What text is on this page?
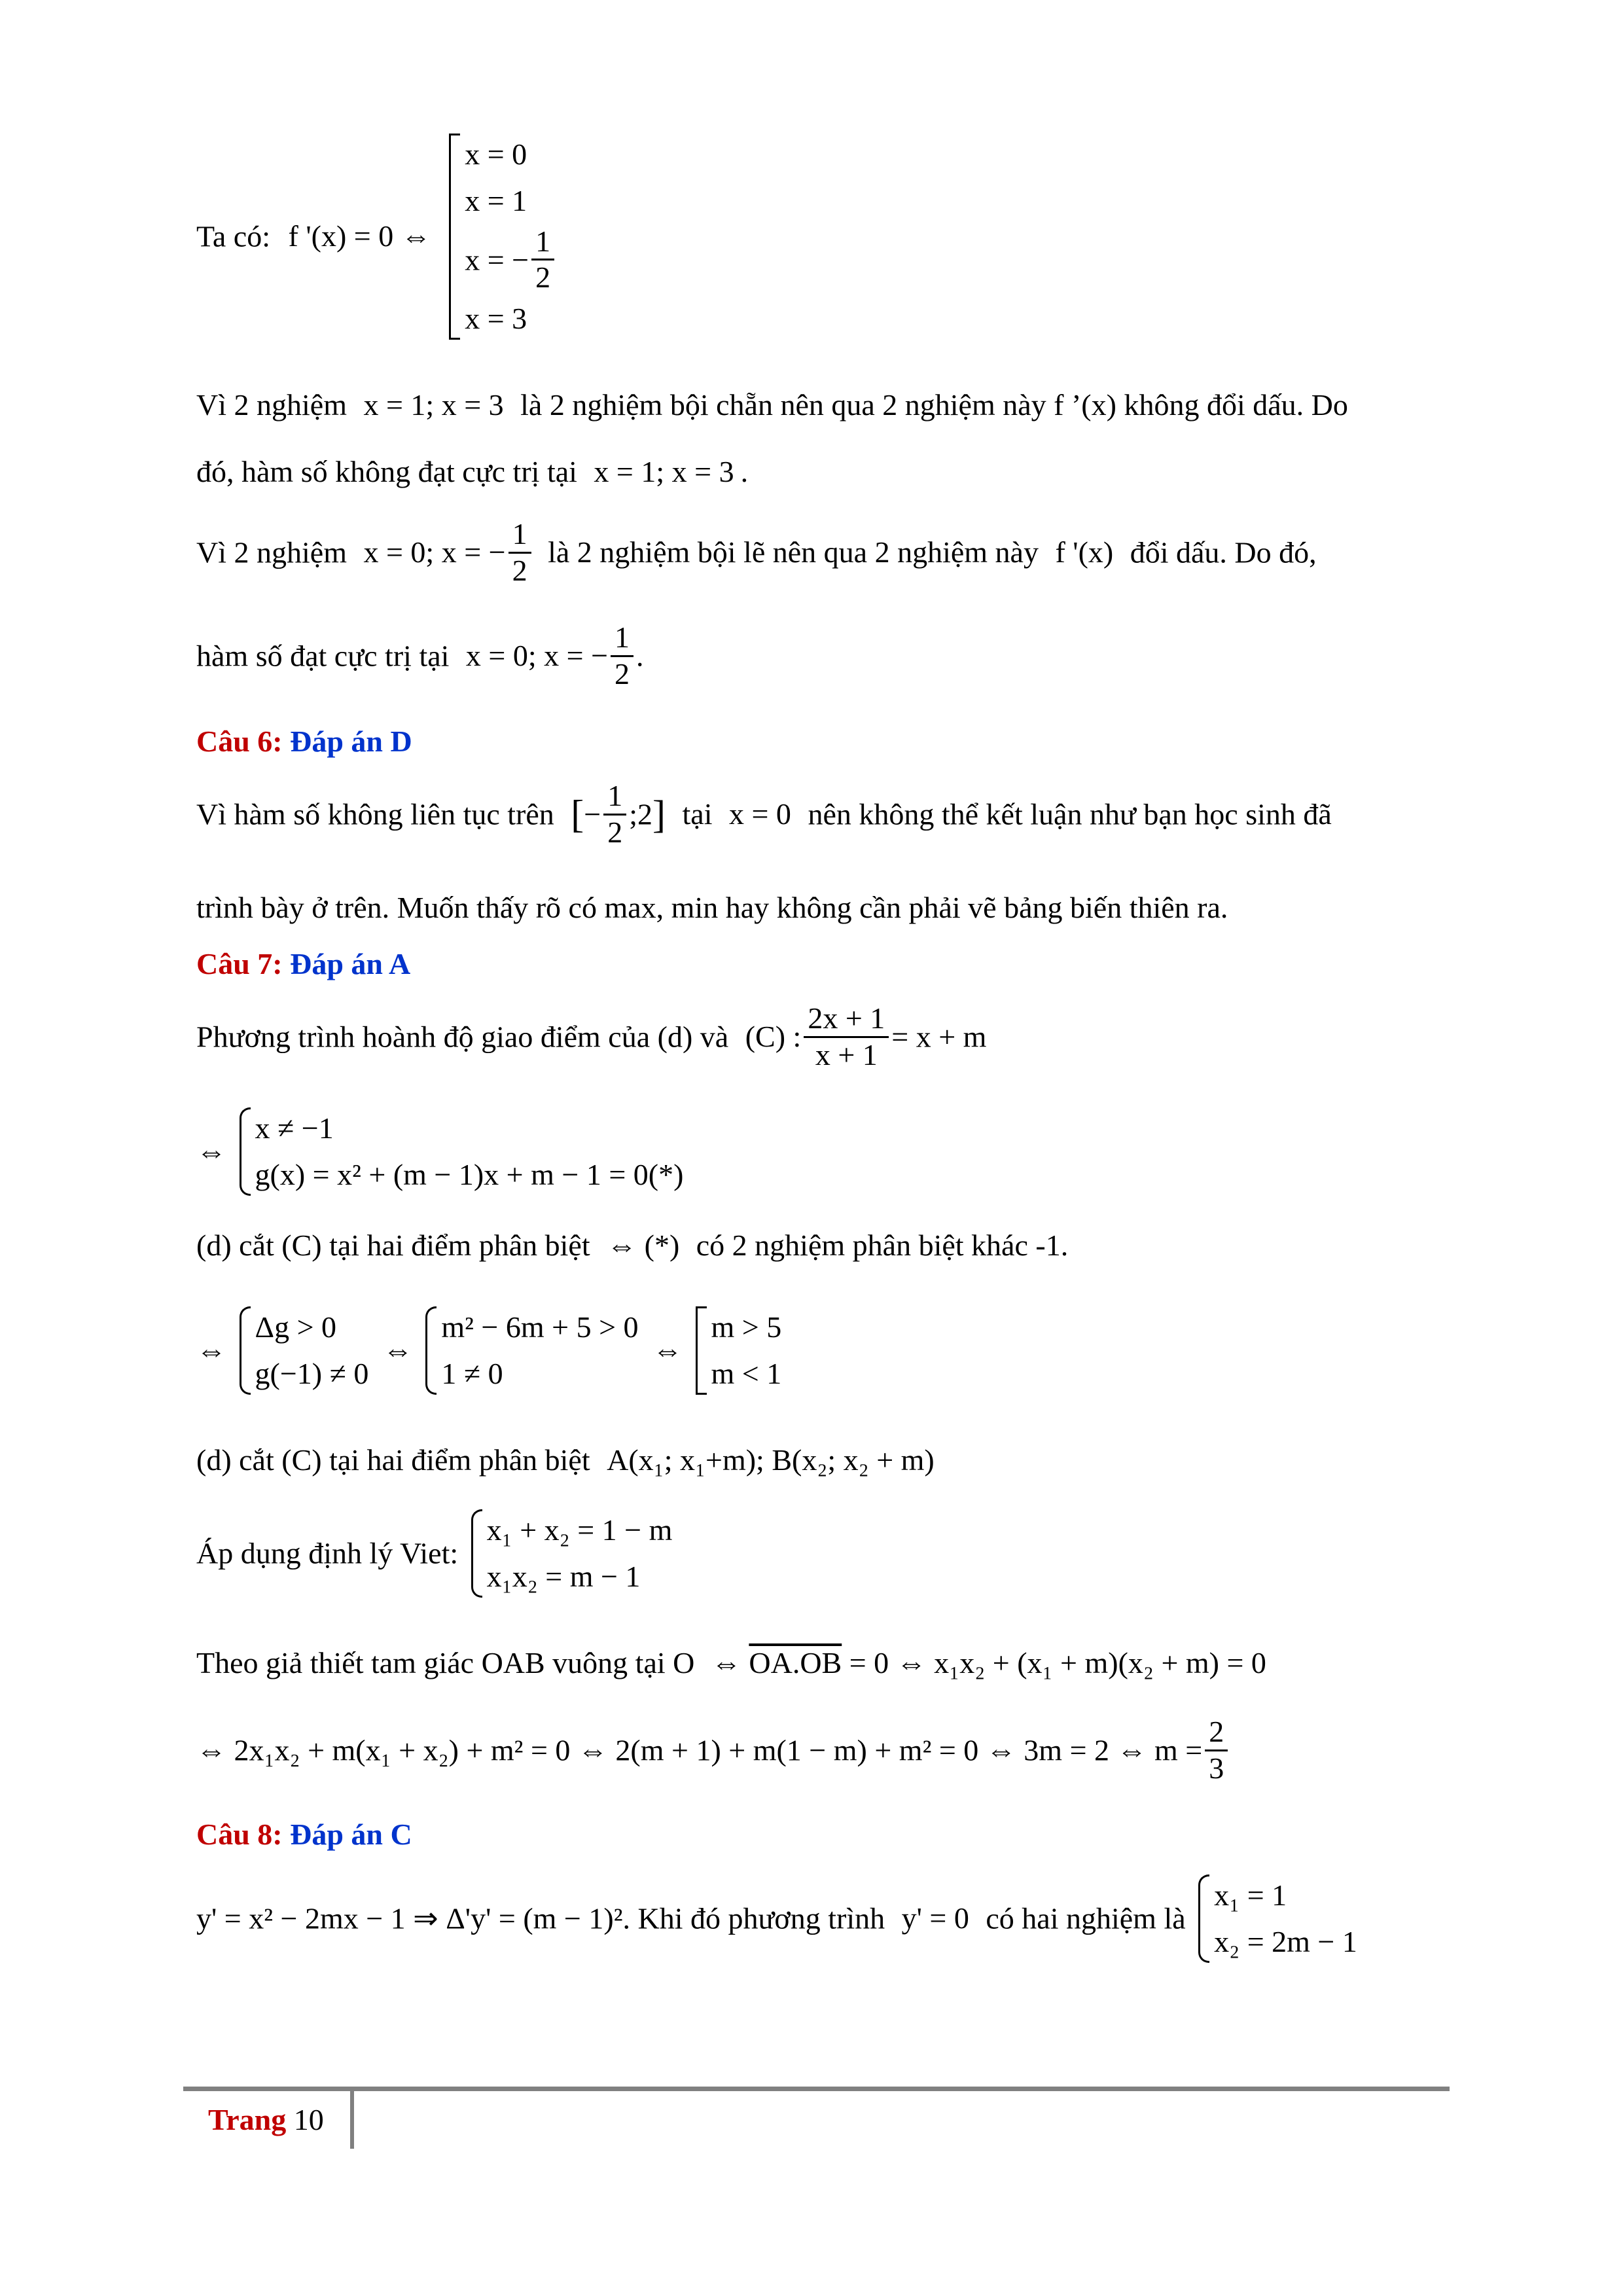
Ta có: f '(x) = 0 ⇔
x = 0
x = 1
x = − $\frac{1}{2}$
x = 3
Vì 2 nghiệm x = 1; x = 3 là 2 nghiệm bội chẵn nên qua 2 nghiệm này f ’(x) không đổi dấu. Do
đó, hàm số không đạt cực trị tại x = 1; x = 3 .
Vì 2 nghiệm x = 0; x = − $\frac{1}{2}$ là 2 nghiệm bội lẽ nên qua 2 nghiệm này f '(x) đổi dấu. Do đó,
hàm số đạt cực trị tại x = 0; x = − $\frac{1}{2}$ .
Câu 6: Đáp án D
Vì hàm số không liên tục trên [− $\frac{1}{2}$ ;2] tại x = 0 nên không thể kết luận như bạn học sinh đã
trình bày ở trên. Muốn thấy rõ có max, min hay không cần phải vẽ bảng biến thiên ra.
Câu 7: Đáp án A
Phương trình hoành độ giao điểm của (d) và (C) : $\frac{2x + 1}{x + 1} = x + m$
⇔
x ≠ −1
g(x) = x² + (m − 1)x + m − 1 = 0(*)
(d) cắt (C) tại hai điểm phân biệt ⇔ (*) có 2 nghiệm phân biệt khác -1.
⇔
Δg > 0
g(−1) ≠ 0
⇔
m² − 6m + 5 > 0
1 ≠ 0
⇔
m > 5
m < 1
(d) cắt (C) tại hai điểm phân biệt A(x₁; x₁+m); B(x₂; x₂ + m)
Áp dụng định lý Viet:
x₁ + x₂ = 1 − m
x₁x₂ = m − 1
Theo giả thiết tam giác OAB vuông tại O ⇔ OA.OB = 0 ⇔ x₁x₂ + (x₁ + m)(x₂ + m) = 0
⇔ 2x₁x₂ + m(x₁ + x₂) + m² = 0 ⇔ 2(m + 1) + m(1 − m) + m² = 0 ⇔ 3m = 2 ⇔ $m = \frac{2}{3}$
Câu 8: Đáp án C
y' = x² − 2mx − 1 ⇒ Δ'y' = (m − 1)². Khi đó phương trình y' = 0 có hai nghiệm là
x₁ = 1
x₂ = 2m − 1
Trang 10
